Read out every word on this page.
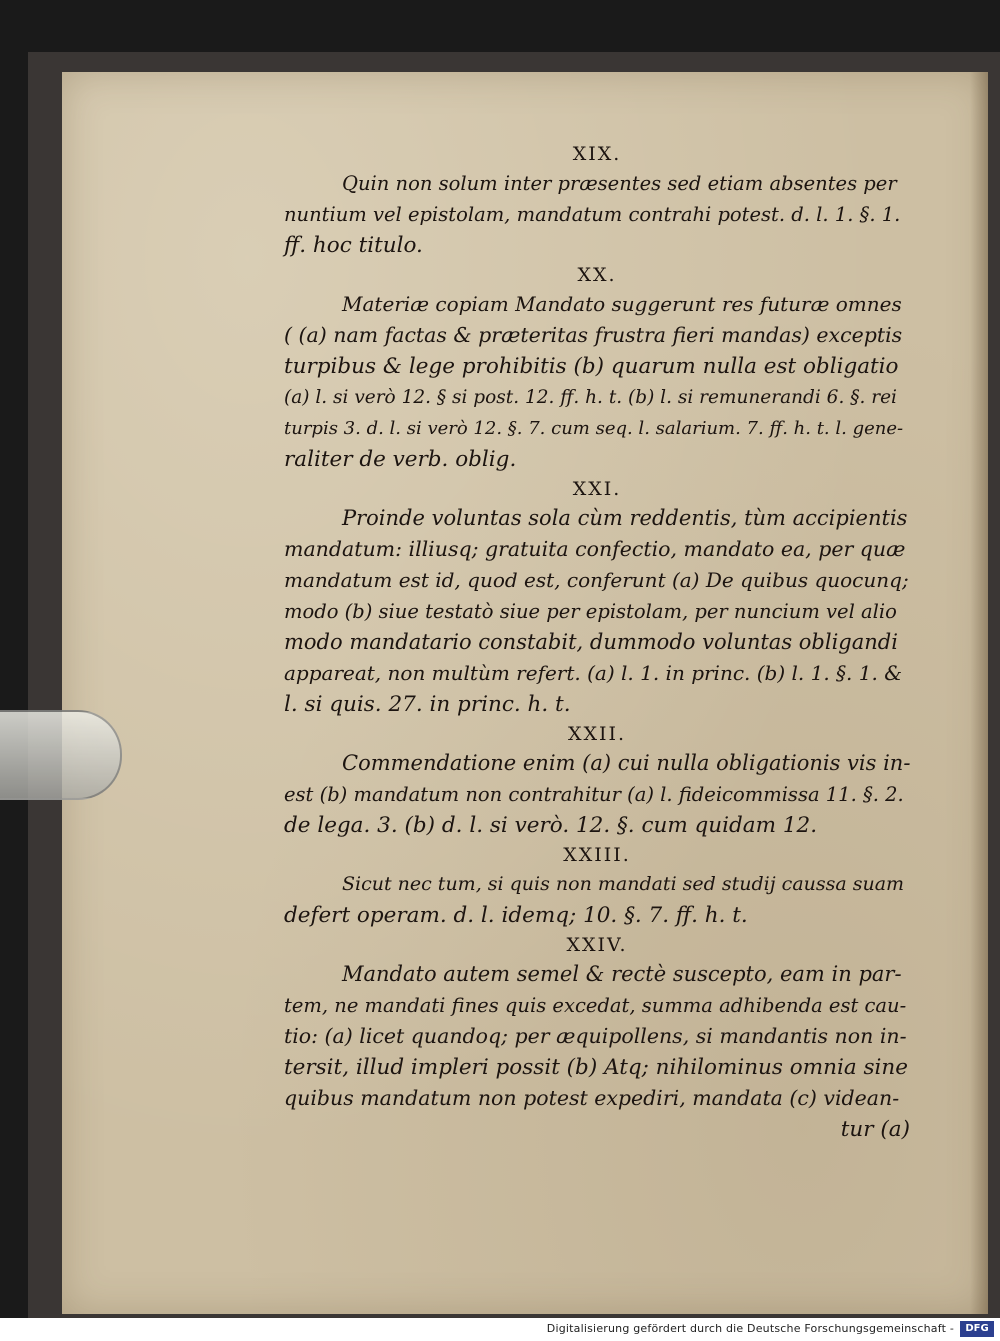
XIX.
Quin non solum inter præsentes sed etiam absentes per
nuntium vel epistolam, mandatum contrahi potest. d. l. 1. §. 1.
ff. hoc titulo.
XX.
Materiæ copiam Mandato suggerunt res futuræ omnes
( (a) nam factas & præteritas frustra fieri mandas) exceptis
turpibus & lege prohibitis (b) quarum nulla est obligatio
(a) l. si verò 12. § si post. 12. ff. h. t. (b) l. si remunerandi 6. §. rei
turpis 3. d. l. si verò 12. §. 7. cum seq. l. salarium. 7. ff. h. t. l. gene-
raliter de verb. oblig.
XXI.
Proinde voluntas sola cùm reddentis, tùm accipientis
mandatum: illiusq; gratuita confectio, mandato ea, per quæ
mandatum est id, quod est, conferunt (a) De quibus quocunq;
modo (b) siue testatò siue per epistolam, per nuncium vel alio
modo mandatario constabit, dummodo voluntas obligandi
appareat, non multùm refert. (a) l. 1. in princ. (b) l. 1. §. 1. &
l. si quis. 27. in princ. h. t.
XXII.
Commendatione enim (a) cui nulla obligationis vis in-
est (b) mandatum non contrahitur (a) l. fideicommissa 11. §. 2.
de lega. 3. (b) d. l. si verò. 12. §. cum quidam 12.
XXIII.
Sicut nec tum, si quis non mandati sed studij caussa suam
defert operam. d. l. idemq; 10. §. 7. ff. h. t.
XXIV.
Mandato autem semel & rectè suscepto, eam in par-
tem, ne mandati fines quis excedat, summa adhibenda est cau-
tio: (a) licet quandoq; per æquipollens, si mandantis non in-
tersit, illud impleri possit (b) Atq; nihilominus omnia sine
quibus mandatum non potest expediri, mandata (c) videan-
tur (a)
Digitalisierung gefördert durch die Deutsche Forschungsgemeinschaft -	DFG
